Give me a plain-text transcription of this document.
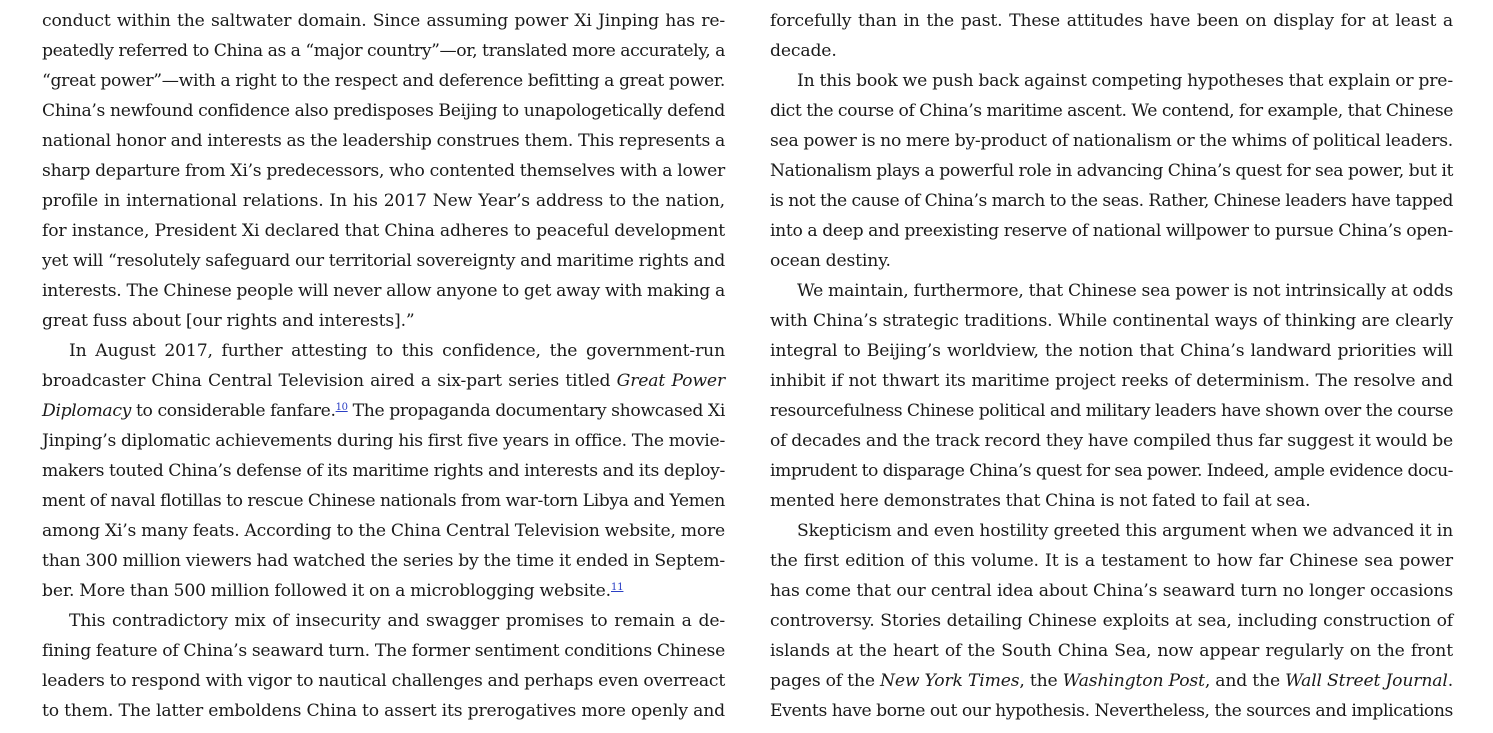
conduct within the saltwater domain. Since assuming power Xi Jinping has re-
peatedly referred to China as a “major country”—or, translated more accurately, a
“great power”—with a right to the respect and deference befitting a great power.
China’s newfound confidence also predisposes Beijing to unapologetically defend
national honor and interests as the leadership construes them. This represents a
sharp departure from Xi’s predecessors, who contented themselves with a lower
profile in international relations. In his 2017 New Year’s address to the nation,
for instance, President Xi declared that China adheres to peaceful development
yet will “resolutely safeguard our territorial sovereignty and maritime rights and
interests. The Chinese people will never allow anyone to get away with making a
great fuss about [our rights and interests].”
In August 2017, further attesting to this confidence, the government-run
broadcaster China Central Television aired a six-part series titled Great Power
Diplomacy to considerable fanfare.$^{10}$ The propaganda documentary showcased Xi
Jinping’s diplomatic achievements during his first five years in office. The movie-
makers touted China’s defense of its maritime rights and interests and its deploy-
ment of naval flotillas to rescue Chinese nationals from war-torn Libya and Yemen
among Xi’s many feats. According to the China Central Television website, more
than 300 million viewers had watched the series by the time it ended in Septem-
ber. More than 500 million followed it on a microblogging website.$^{11}$
This contradictory mix of insecurity and swagger promises to remain a de-
fining feature of China’s seaward turn. The former sentiment conditions Chinese
leaders to respond with vigor to nautical challenges and perhaps even overreact
to them. The latter emboldens China to assert its prerogatives more openly and
forcefully than in the past. These attitudes have been on display for at least a
decade.
In this book we push back against competing hypotheses that explain or pre-
dict the course of China’s maritime ascent. We contend, for example, that Chinese
sea power is no mere by-product of nationalism or the whims of political leaders.
Nationalism plays a powerful role in advancing China’s quest for sea power, but it
is not the cause of China’s march to the seas. Rather, Chinese leaders have tapped
into a deep and preexisting reserve of national willpower to pursue China’s open-
ocean destiny.
We maintain, furthermore, that Chinese sea power is not intrinsically at odds
with China’s strategic traditions. While continental ways of thinking are clearly
integral to Beijing’s worldview, the notion that China’s landward priorities will
inhibit if not thwart its maritime project reeks of determinism. The resolve and
resourcefulness Chinese political and military leaders have shown over the course
of decades and the track record they have compiled thus far suggest it would be
imprudent to disparage China’s quest for sea power. Indeed, ample evidence docu-
mented here demonstrates that China is not fated to fail at sea.
Skepticism and even hostility greeted this argument when we advanced it in
the first edition of this volume. It is a testament to how far Chinese sea power
has come that our central idea about China’s seaward turn no longer occasions
controversy. Stories detailing Chinese exploits at sea, including construction of
islands at the heart of the South China Sea, now appear regularly on the front
pages of the New York Times, the Washington Post, and the Wall Street Journal.
Events have borne out our hypothesis. Nevertheless, the sources and implications
